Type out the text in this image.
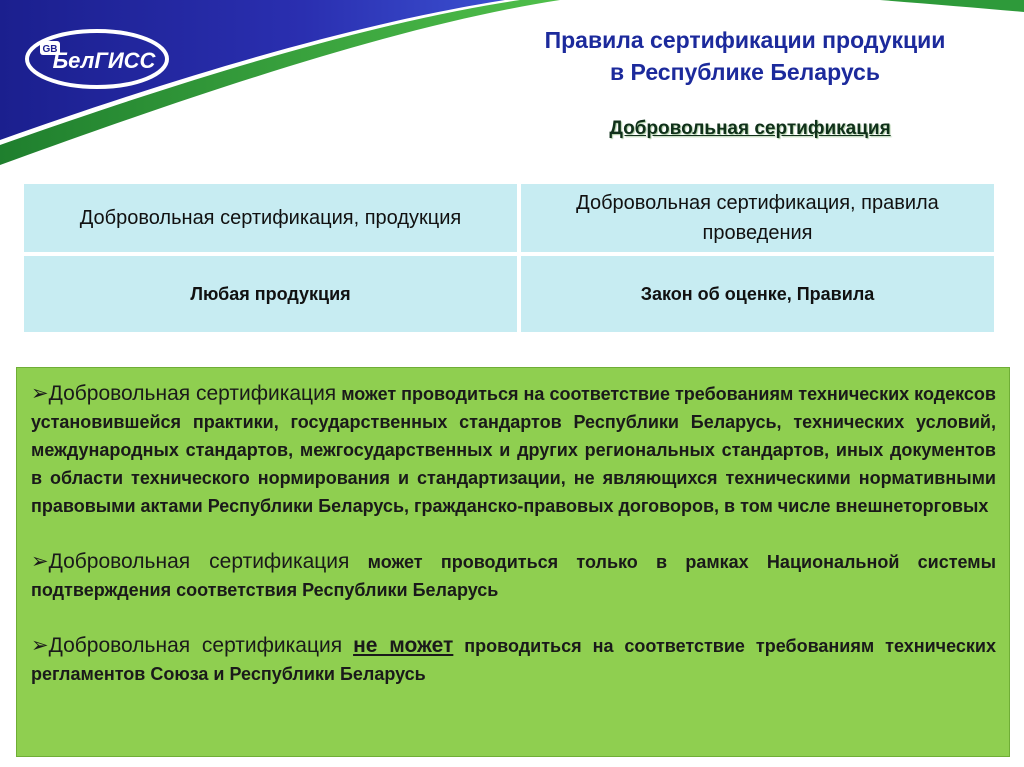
GB
БелГИСС
Правила сертификации продукции
в Республике Беларусь
Добровольная сертификация
Добровольная сертификация, продукция
Добровольная сертификация, правила проведения
Любая продукция	Закон об оценке, Правила

➢Добровольная сертификация может проводиться на соответствие требованиям технических кодексов установившейся практики, государственных стандартов Республики Беларусь, технических условий, международных стандартов, межгосударственных и других региональных стандартов, иных документов в области технического нормирования и стандартизации, не являющихся техническими нормативными правовыми актами Республики Беларусь, гражданско-правовых договоров, в том числе внешнеторговых

➢Добровольная сертификация может проводиться только в рамках Национальной системы подтверждения соответствия Республики Беларусь

➢Добровольная сертификация не может проводиться на соответствие требованиям технических регламентов Союза и Республики Беларусь
